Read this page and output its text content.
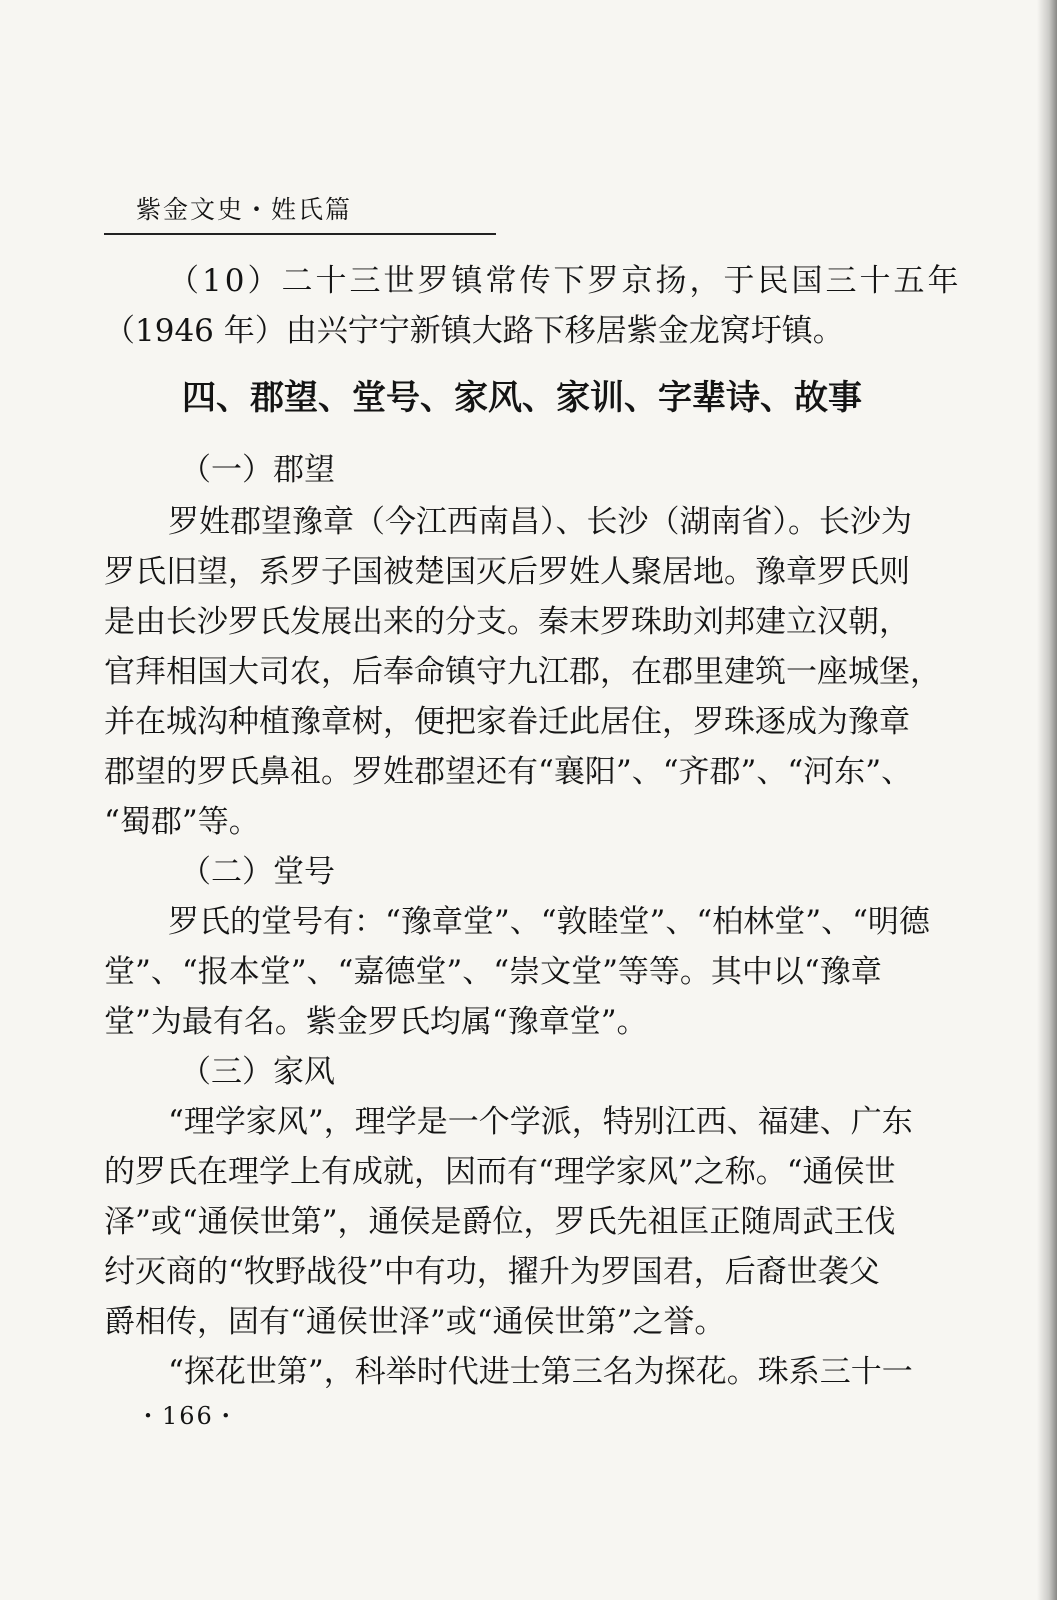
紫金文史・姓氏篇

（10）二十三世罗镇常传下罗京扬，于民国三十五年

（1946 年）由兴宁宁新镇大路下移居紫金龙窝圩镇。

四、郡望、堂号、家风、家训、字辈诗、故事
（一）郡望

罗姓郡望豫章（今江西南昌）、长沙（湖南省）。长沙为

罗氏旧望，系罗子国被楚国灭后罗姓人聚居地。豫章罗氏则

是由长沙罗氏发展出来的分支。秦末罗珠助刘邦建立汉朝，

官拜相国大司农，后奉命镇守九江郡，在郡里建筑一座城堡，

并在城沟种植豫章树，便把家眷迁此居住，罗珠逐成为豫章

郡望的罗氏鼻祖。罗姓郡望还有“襄阳”、“齐郡”、“河东”、

“蜀郡”等。

（二）堂号

罗氏的堂号有：“豫章堂”、“敦睦堂”、“柏林堂”、“明德

堂”、“报本堂”、“嘉德堂”、“崇文堂”等等。其中以“豫章

堂”为最有名。紫金罗氏均属“豫章堂”。

（三）家风

“理学家风”，理学是一个学派，特别江西、福建、广东

的罗氏在理学上有成就，因而有“理学家风”之称。“通侯世

泽”或“通侯世第”，通侯是爵位，罗氏先祖匡正随周武王伐

纣灭商的“牧野战役”中有功，擢升为罗国君，后裔世袭父

爵相传，固有“通侯世泽”或“通侯世第”之誉。

“探花世第”，科举时代进士第三名为探花。珠系三十一

・166・
